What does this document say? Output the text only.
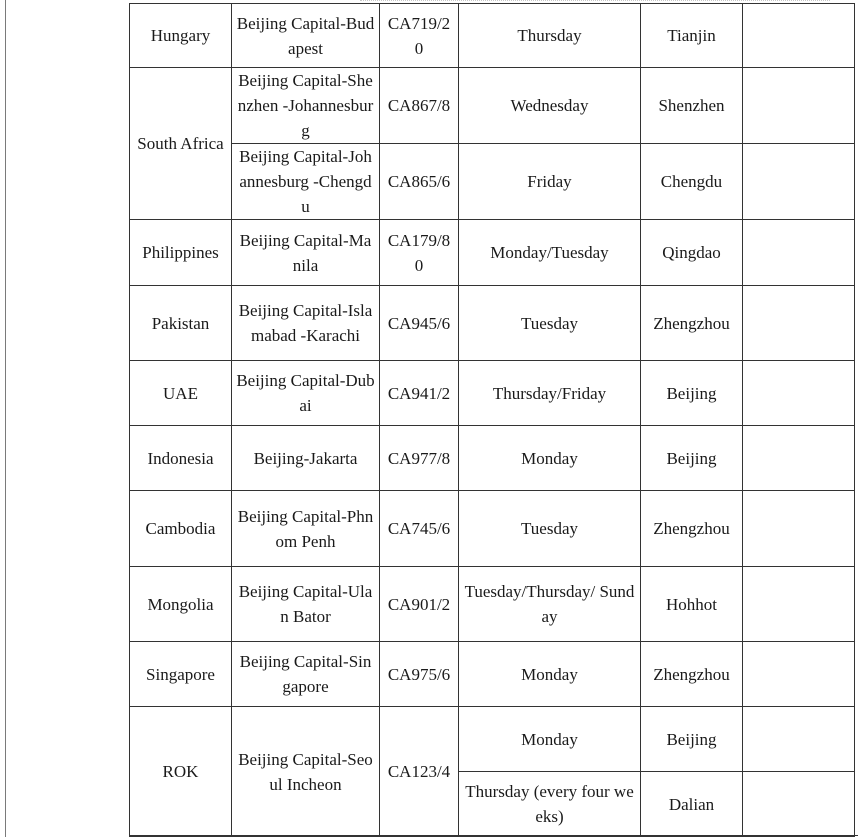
Hungary	Beijing Capital-Budapest	CA719/20	Thursday	Tianjin	
South Africa	Beijing Capital-Shenzhen -Johannesburg	CA867/8	Wednesday	Shenzhen	
	Beijing Capital-Johannesburg -Chengdu	CA865/6	Friday	Chengdu	
Philippines	Beijing Capital-Manila	CA179/80	Monday/Tuesday	Qingdao	
Pakistan	Beijing Capital-Islamabad -Karachi	CA945/6	Tuesday	Zhengzhou	
UAE	Beijing Capital-Dubai	CA941/2	Thursday/Friday	Beijing	
Indonesia	Beijing-Jakarta	CA977/8	Monday	Beijing	
Cambodia	Beijing Capital-Phnom Penh	CA745/6	Tuesday	Zhengzhou	
Mongolia	Beijing Capital-Ulan Bator	CA901/2	Tuesday/Thursday/ Sunday	Hohhot	
Singapore	Beijing Capital-Singapore	CA975/6	Monday	Zhengzhou	
ROK	Beijing Capital-Seoul Incheon	CA123/4	Monday	Beijing	
			Thursday (every four weeks)	Dalian	
